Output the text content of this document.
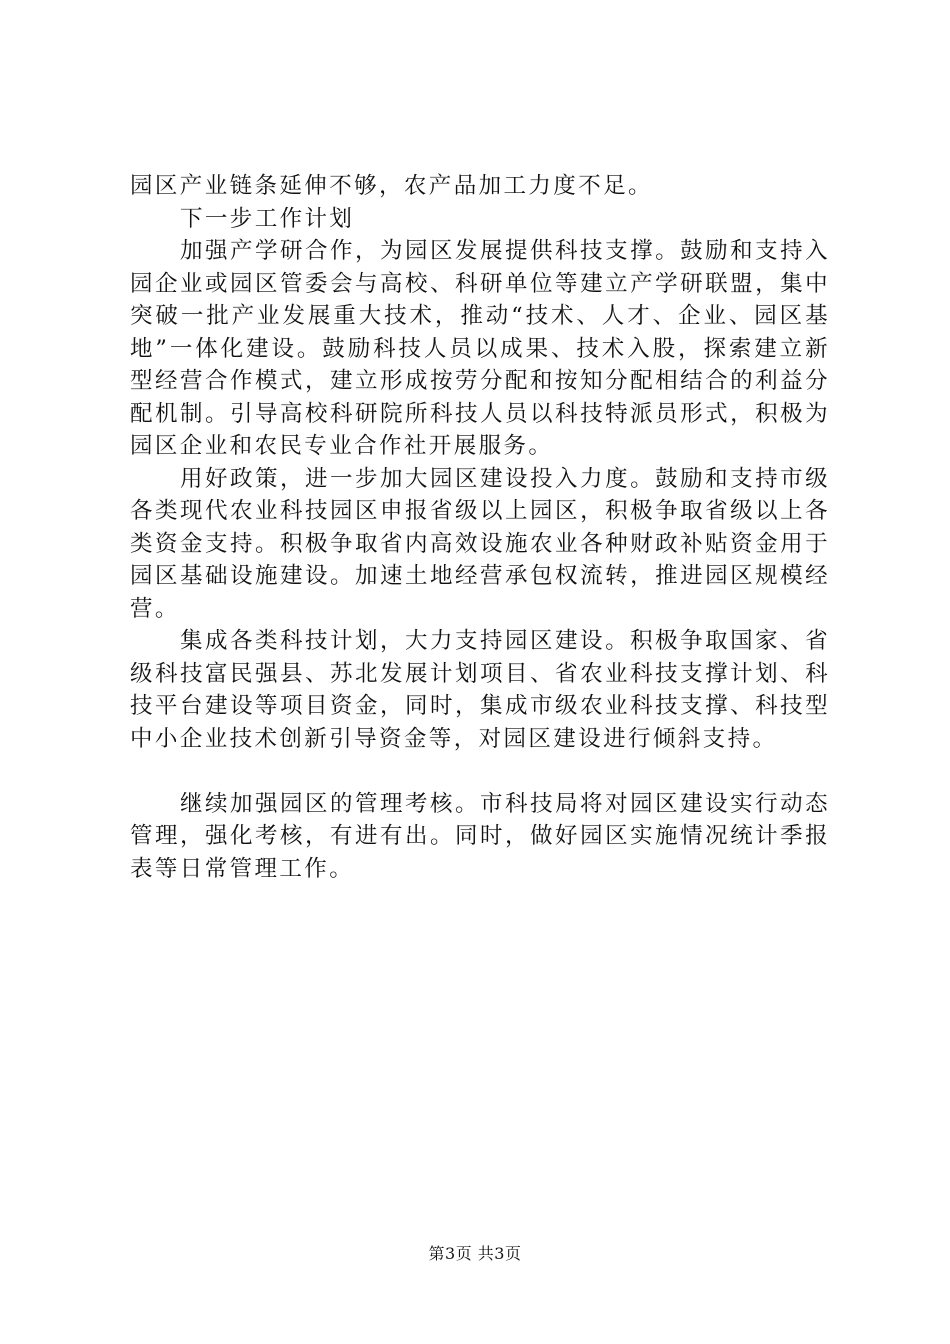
园区产业链条延伸不够，农产品加工力度不足。

下一步工作计划

加强产学研合作，为园区发展提供科技支撑。鼓励和支持入园企业或园区管委会与高校、科研单位等建立产学研联盟，集中突破一批产业发展重大技术，推动“技术、人才、企业、园区基地”一体化建设。鼓励科技人员以成果、技术入股，探索建立新型经营合作模式，建立形成按劳分配和按知分配相结合的利益分配机制。引导高校科研院所科技人员以科技特派员形式，积极为园区企业和农民专业合作社开展服务。

用好政策，进一步加大园区建设投入力度。鼓励和支持市级各类现代农业科技园区申报省级以上园区，积极争取省级以上各类资金支持。积极争取省内高效设施农业各种财政补贴资金用于园区基础设施建设。加速土地经营承包权流转，推进园区规模经营。

集成各类科技计划，大力支持园区建设。积极争取国家、省级科技富民强县、苏北发展计划项目、省农业科技支撑计划、科技平台建设等项目资金，同时，集成市级农业科技支撑、科技型中小企业技术创新引导资金等，对园区建设进行倾斜支持。

继续加强园区的管理考核。市科技局将对园区建设实行动态管理，强化考核，有进有出。同时，做好园区实施情况统计季报表等日常管理工作。

第3页 共3页
